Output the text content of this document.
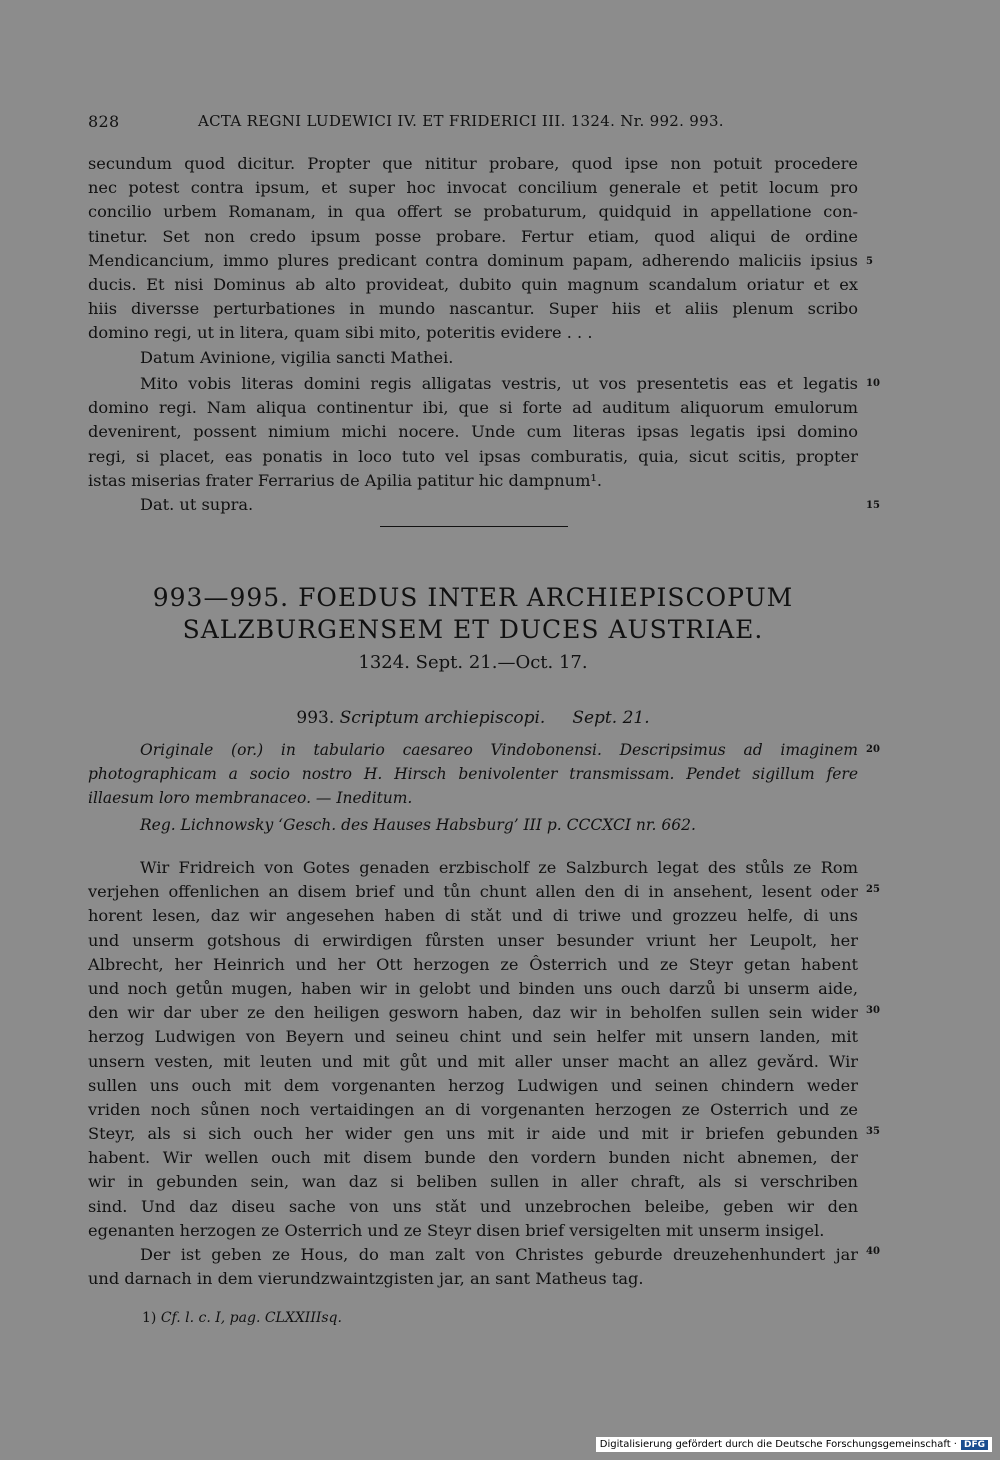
828	ACTA REGNI LUDEWICI IV. ET FRIDERICI III. 1324. Nr. 992. 993.
secundum quod dicitur. Propter que nititur probare, quod ipse non potuit procedere
nec potest contra ipsum, et super hoc invocat concilium generale et petit locum pro
concilio urbem Romanam, in qua offert se probaturum, quidquid in appellatione con-
tinetur. Set non credo ipsum posse probare. Fertur etiam, quod aliqui de ordine
Mendicancium, immo plures predicant contra dominum papam, adherendo maliciis ipsius
ducis. Et nisi Dominus ab alto provideat, dubito quin magnum scandalum oriatur et ex
hiis diversse perturbationes in mundo nascantur. Super hiis et aliis plenum scribo
domino regi, ut in litera, quam sibi mito, poteritis evidere . . .
Datum Avinione, vigilia sancti Mathei.
Mito vobis literas domini regis alligatas vestris, ut vos presentetis eas et legatis
domino regi. Nam aliqua continentur ibi, que si forte ad auditum aliquorum emulorum
devenirent, possent nimium michi nocere. Unde cum literas ipsas legatis ipsi domino
regi, si placet, eas ponatis in loco tuto vel ipsas comburatis, quia, sicut scitis, propter
istas miserias frater Ferrarius de Apilia patitur hic dampnum¹.
Dat. ut supra.
5
10
15
20
25
30
35
40
993—995. FOEDUS INTER ARCHIEPISCOPUM
SALZBURGENSEM ET DUCES AUSTRIAE.
1324. Sept. 21.—Oct. 17.
993. Scriptum archiepiscopi. Sept. 21.
Originale (or.) in tabulario caesareo Vindobonensi. Descripsimus ad imaginem
photographicam a socio nostro H. Hirsch benivolenter transmissam. Pendet sigillum fere
illaesum loro membranaceo. — Ineditum.
Reg. Lichnowsky ‘Gesch. des Hauses Habsburg’ III p. CCCXCI nr. 662.
Wir Fridreich von Gotes genaden erzbischolf ze Salzburch legat des stůls ze Rom
verjehen offenlichen an disem brief und tůn chunt allen den di in ansehent, lesent oder
horent lesen, daz wir angesehen haben di stǎt und di triwe und grozzeu helfe, di uns
und unserm gotshous di erwirdigen fůrsten unser besunder vriunt her Leupolt, her
Albrecht, her Heinrich und her Ott herzogen ze Ôsterrich und ze Steyr getan habent
und noch getůn mugen, haben wir in gelobt und binden uns ouch darzů bi unserm aide,
den wir dar uber ze den heiligen gesworn haben, daz wir in beholfen sullen sein wider
herzog Ludwigen von Beyern und seineu chint und sein helfer mit unsern landen, mit
unsern vesten, mit leuten und mit gůt und mit aller unser macht an allez gevǎrd. Wir
sullen uns ouch mit dem vorgenanten herzog Ludwigen und seinen chindern weder
vriden noch sůnen noch vertaidingen an di vorgenanten herzogen ze Osterrich und ze
Steyr, als si sich ouch her wider gen uns mit ir aide und mit ir briefen gebunden
habent. Wir wellen ouch mit disem bunde den vordern bunden nicht abnemen, der
wir in gebunden sein, wan daz si beliben sullen in aller chraft, als si verschriben
sind. Und daz diseu sache von uns stǎt und unzebrochen beleibe, geben wir den
egenanten herzogen ze Osterrich und ze Steyr disen brief versigelten mit unserm insigel.
Der ist geben ze Hous, do man zalt von Christes geburde dreuzehenhundert jar
und darnach in dem vierundzwaintzgisten jar, an sant Matheus tag.
1) Cf. l. c. I, pag. CLXXIIIsq.
Digitalisierung gefördert durch die Deutsche Forschungsgemeinschaft · DFG
